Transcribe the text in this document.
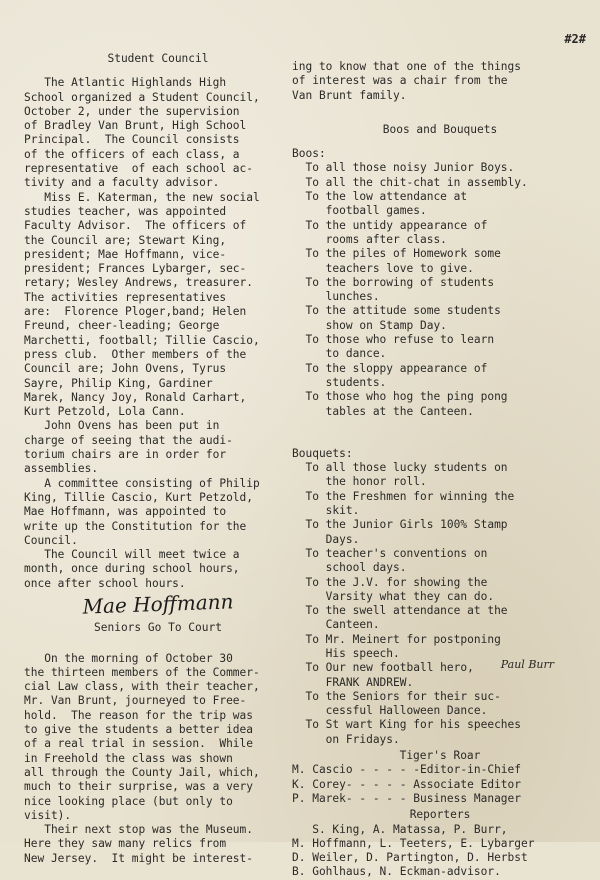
#2#
Student Council
The Atlantic Highlands High
School organized a Student Council,
October 2, under the supervision
of Bradley Van Brunt, High School
Principal.  The Council consists
of the officers of each class, a
representative  of each school ac-
tivity and a faculty advisor.
Miss E. Katerman, the new social
studies teacher, was appointed
Faculty Advisor.  The officers of
the Council are; Stewart King,
president; Mae Hoffmann, vice-
president; Frances Lybarger, sec-
retary; Wesley Andrews, treasurer.
The activities representatives
are:  Florence Ploger,band; Helen
Freund, cheer-leading; George
Marchetti, football; Tillie Cascio,
press club.  Other members of the
Council are; John Ovens, Tyrus
Sayre, Philip King, Gardiner
Marek, Nancy Joy, Ronald Carhart,
Kurt Petzold, Lola Cann.
John Ovens has been put in
charge of seeing that the audi-
torium chairs are in order for
assemblies.
A committee consisting of Philip
King, Tillie Cascio, Kurt Petzold,
Mae Hoffmann, was appointed to
write up the Constitution for the
Council.
The Council will meet twice a
month, once during school hours,
once after school hours.
Mae Hoffmann
Seniors Go To Court
On the morning of October 30
the thirteen members of the Commer-
cial Law class, with their teacher,
Mr. Van Brunt, journeyed to Free-
hold.  The reason for the trip was
to give the students a better idea
of a real trial in session.  While
in Freehold the class was shown
all through the County Jail, which,
much to their surprise, was a very
nice looking place (but only to
visit).
Their next stop was the Museum.
Here they saw many relics from
New Jersey.  It might be interest-
ing to know that one of the things
of interest was a chair from the
Van Brunt family.
Boos and Bouquets
Boos:
To all those noisy Junior Boys.
To all the chit-chat in assembly.
To the low attendance at
football games.
To the untidy appearance of
rooms after class.
To the piles of Homework some
teachers love to give.
To the borrowing of students
lunches.
To the attitude some students
show on Stamp Day.
To those who refuse to learn
to dance.
To the sloppy appearance of
students.
To those who hog the ping pong
tables at the Canteen.
Bouquets:
To all those lucky students on
the honor roll.
To the Freshmen for winning the
skit.
To the Junior Girls 100% Stamp
Days.
To teacher's conventions on
school days.
To the J.V. for showing the
Varsity what they can do.
To the swell attendance at the
Canteen.
To Mr. Meinert for postponing
His speech.
To Our new football hero,
FRANK ANDREW.
To the Seniors for their suc-
cessful Halloween Dance.
To St wart King for his speeches
on Fridays.
Paul Burr
Tiger's Roar
M. Cascio - - - - -Editor-in-Chief
K. Corey- - - - - Associate Editor
P. Marek- - - - - Business Manager
Reporters
S. King, A. Matassa, P. Burr,
M. Hoffmann, L. Teeters, E. Lybarger
D. Weiler, D. Partington, D. Herbst
B. Gohlhaus, N. Eckman-advisor.
